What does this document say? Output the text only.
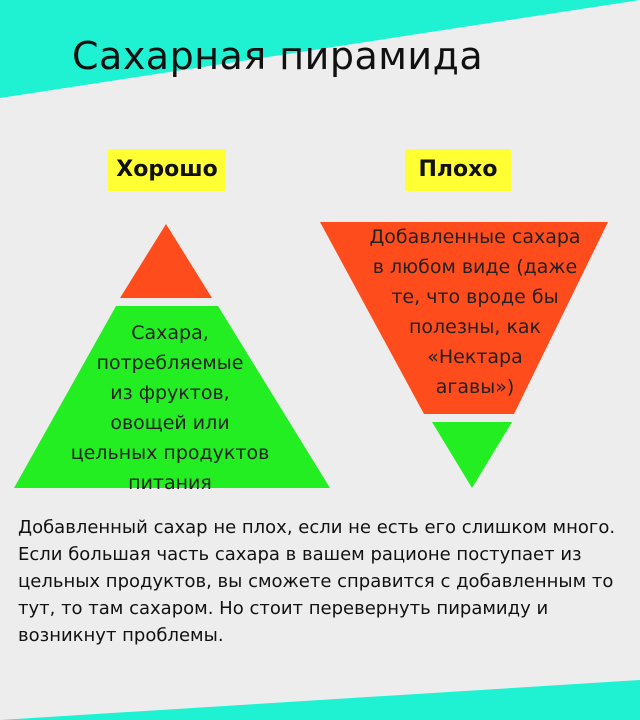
Сахарная пирамида
Хорошо	Плохо
Сахара,
потребляемые
из фруктов,
овощей или
цельных продуктов
питания
Добавленные сахара
в любом виде (даже
те, что вроде бы
полезны, как
«Нектара
агавы»)
Добавленный сахар не плох, если не есть его слишком много. Если большая часть сахара в вашем рационе поступает из цельных продуктов, вы сможете справится с добавленным то тут, то там сахаром. Но стоит перевернуть пирамиду и возникнут проблемы.
